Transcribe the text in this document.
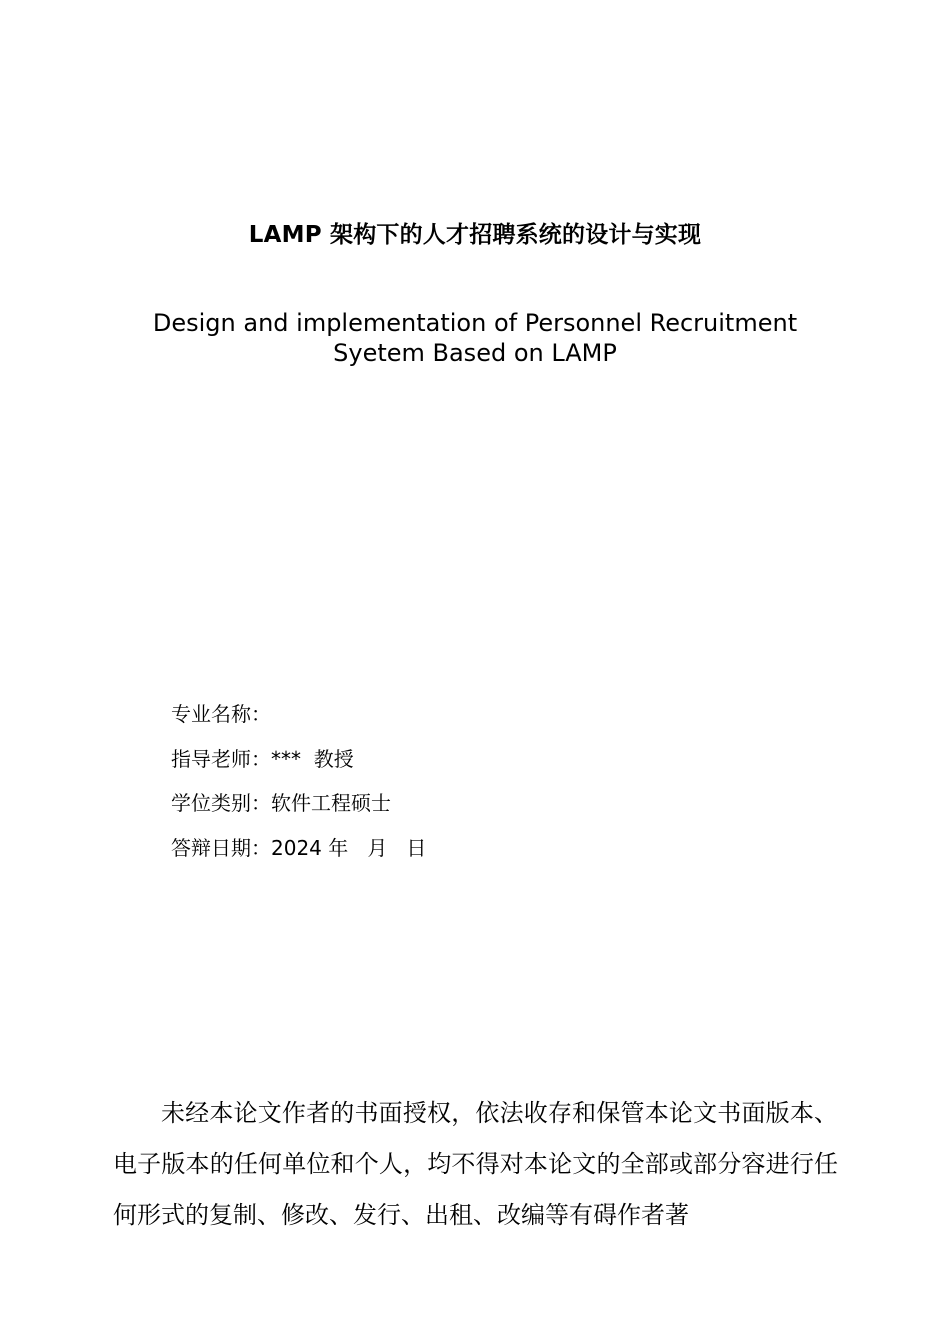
LAMP 架构下的人才招聘系统的设计与实现
Design and implementation of Personnel Recruitment
Syetem Based on LAMP
专业名称：
指导老师：***  教授
学位类别：软件工程硕士
答辩日期：2024 年   月   日
未经本论文作者的书面授权，依法收存和保管本论文书面版本、电子版本的任何单位和个人，均不得对本论文的全部或部分容进行任何形式的复制、修改、发行、出租、改编等有碍作者著
